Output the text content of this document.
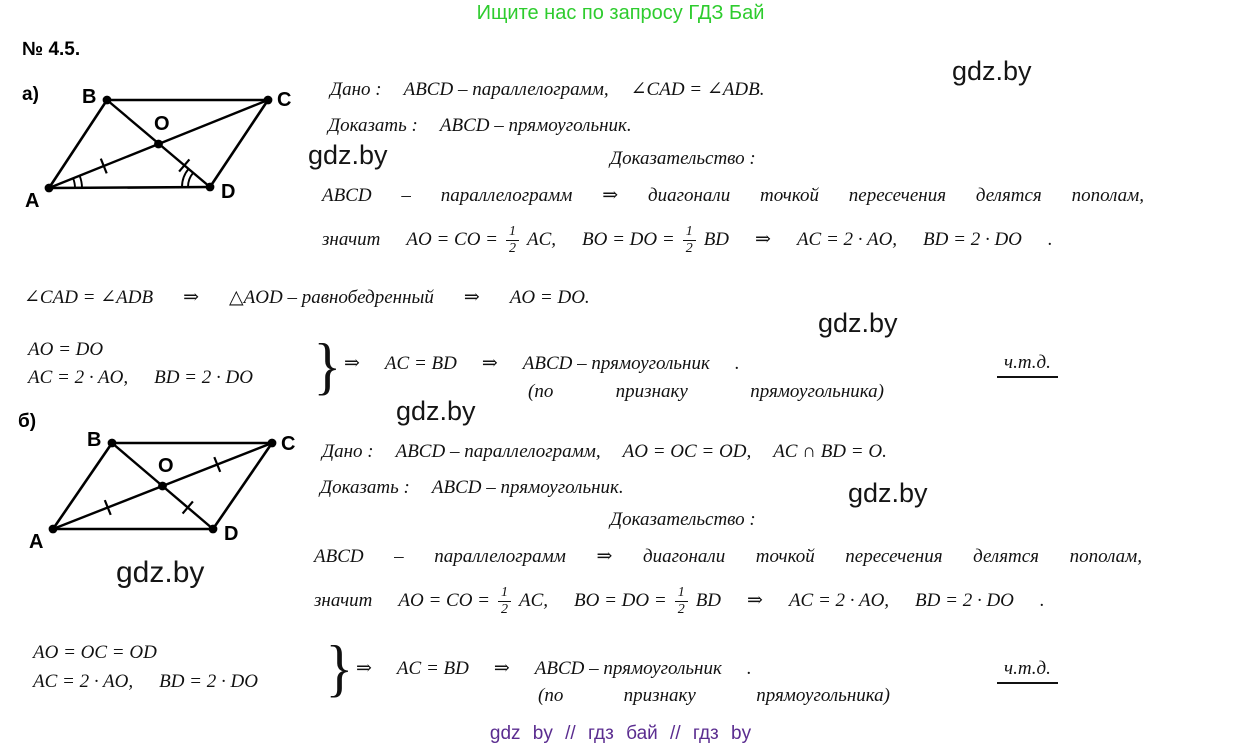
Ищите нас по запросу ГДЗ Бай
№ 4.5.
а)
A
B	C
D
O
Дано : ABCD – параллелограмм, ∠CAD = ∠ADB.
Доказать : ABCD – прямоугольник.
gdz.by
gdz.by
Доказательство :
ABCD – параллелограмм ⇒ диагонали точкой пересечения делятся пополам,
значит AO = CO = $\frac{1}{2}$ AC, BO = DO = $\frac{1}{2}$ BD ⇒ AC = 2 · AO, BD = 2 · DO .
∠CAD = ∠ADB ⇒ △AOD – равнобедренный ⇒ AO = DO.
gdz.by
AO = DO
AC = 2 · AO, BD = 2 · DO } ⇒ AC = BD ⇒ ABCD – прямоугольник .
(по признаку прямоугольника)
ч.т.д.
gdz.by
б)
A
B	C
D
O
gdz.by
Дано : ABCD – параллелограмм, AO = OC = OD, AC ∩ BD = O.
Доказать : ABCD – прямоугольник.	gdz.by
Доказательство :
ABCD – параллелограмм ⇒ диагонали точкой пересечения делятся пополам,
значит AO = CO = $\frac{1}{2}$ AC, BO = DO = $\frac{1}{2}$ BD ⇒ AC = 2 · AO, BD = 2 · DO .
AO = OC = OD
AC = 2 · AO, BD = 2 · DO } ⇒ AC = BD ⇒ ABCD – прямоугольник .
(по признаку прямоугольника)
ч.т.д.
gdz by // гдз бай // гдз by
